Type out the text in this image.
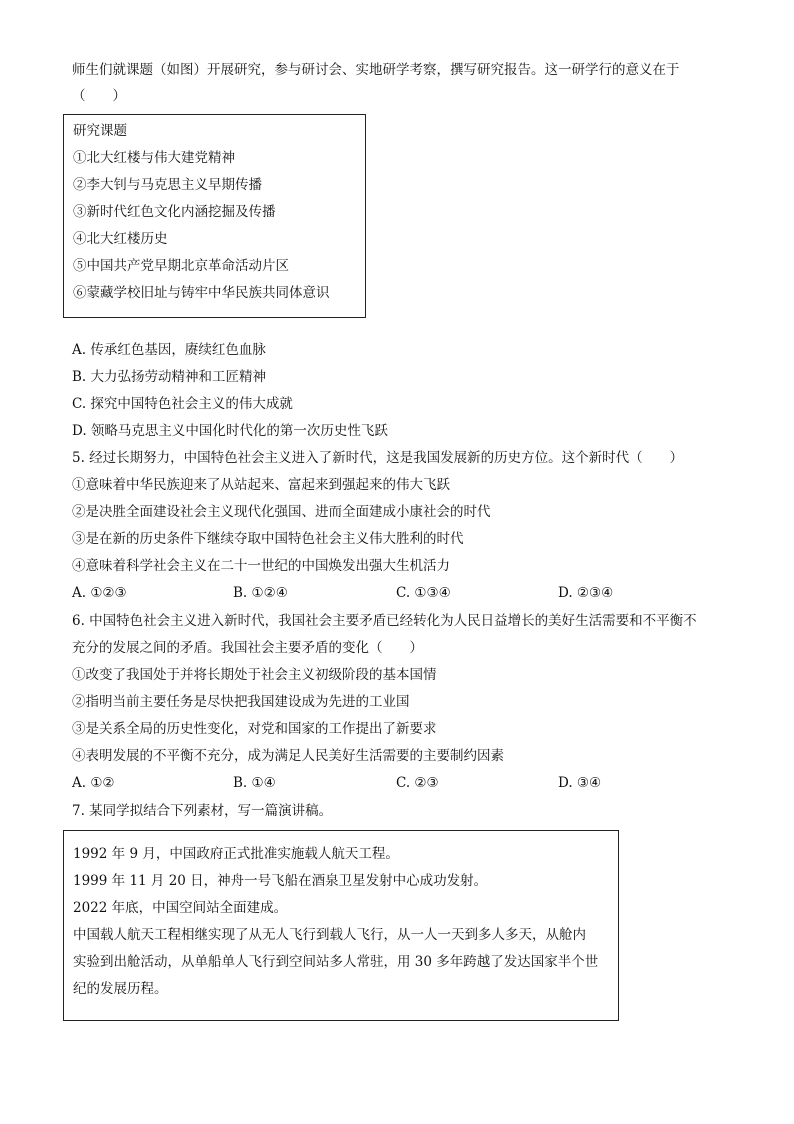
师生们就课题（如图）开展研究，参与研讨会、实地研学考察，撰写研究报告。这一研学行的意义在于
（　　）
研究课题
①北大红楼与伟大建党精神
②李大钊与马克思主义早期传播
③新时代红色文化内涵挖掘及传播
④北大红楼历史
⑤中国共产党早期北京革命活动片区
⑥蒙藏学校旧址与铸牢中华民族共同体意识
A. 传承红色基因，赓续红色血脉
B. 大力弘扬劳动精神和工匠精神
C. 探究中国特色社会主义的伟大成就
D. 领略马克思主义中国化时代化的第一次历史性飞跃
5. 经过长期努力，中国特色社会主义进入了新时代，这是我国发展新的历史方位。这个新时代（　　）
①意味着中华民族迎来了从站起来、富起来到强起来的伟大飞跃
②是决胜全面建设社会主义现代化强国、进而全面建成小康社会的时代
③是在新的历史条件下继续夺取中国特色社会主义伟大胜利的时代
④意味着科学社会主义在二十一世纪的中国焕发出强大生机活力
A. ①②③	B. ①②④	C. ①③④	D. ②③④
6. 中国特色社会主义进入新时代，我国社会主要矛盾已经转化为人民日益增长的美好生活需要和不平衡不
充分的发展之间的矛盾。我国社会主要矛盾的变化（　　）
①改变了我国处于并将长期处于社会主义初级阶段的基本国情
②指明当前主要任务是尽快把我国建设成为先进的工业国
③是关系全局的历史性变化，对党和国家的工作提出了新要求
④表明发展的不平衡不充分，成为满足人民美好生活需要的主要制约因素
A. ①②	B. ①④	C. ②③	D. ③④
7. 某同学拟结合下列素材，写一篇演讲稿。
1992 年 9 月，中国政府正式批准实施载人航天工程。
1999 年 11 月 20 日，神舟一号飞船在酒泉卫星发射中心成功发射。
2022 年底，中国空间站全面建成。
中国载人航天工程相继实现了从无人飞行到载人飞行，从一人一天到多人多天，从舱内
实验到出舱活动，从单船单人飞行到空间站多人常驻，用 30 多年跨越了发达国家半个世
纪的发展历程。
